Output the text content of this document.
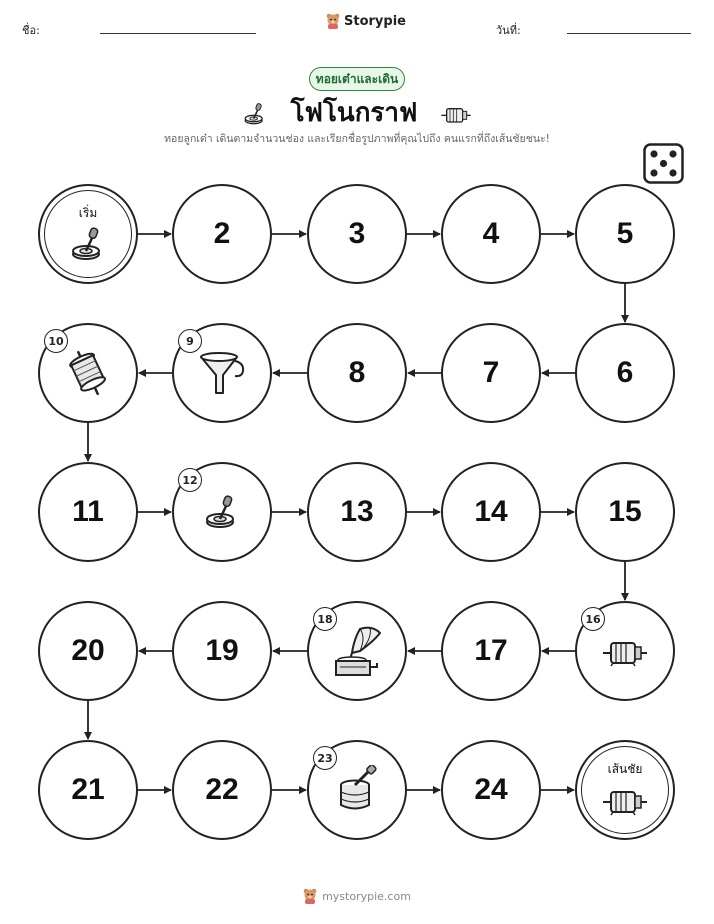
ชื่อ:
Storypie
วันที่:
ทอยเต๋าและเดิน
โฟโนกราฟ
ทอยลูกเต๋า เดินตามจำนวนช่อง และเรียกชื่อรูปภาพที่คุณไปถึง คนแรกที่ถึงเส้นชัยชนะ!
เริ่ม
2	3	4	5
6
7
8
9
10
11
12
13	14	15
16
17
18
19
20
21	22
23
24
เส้นชัย
mystorypie.com
